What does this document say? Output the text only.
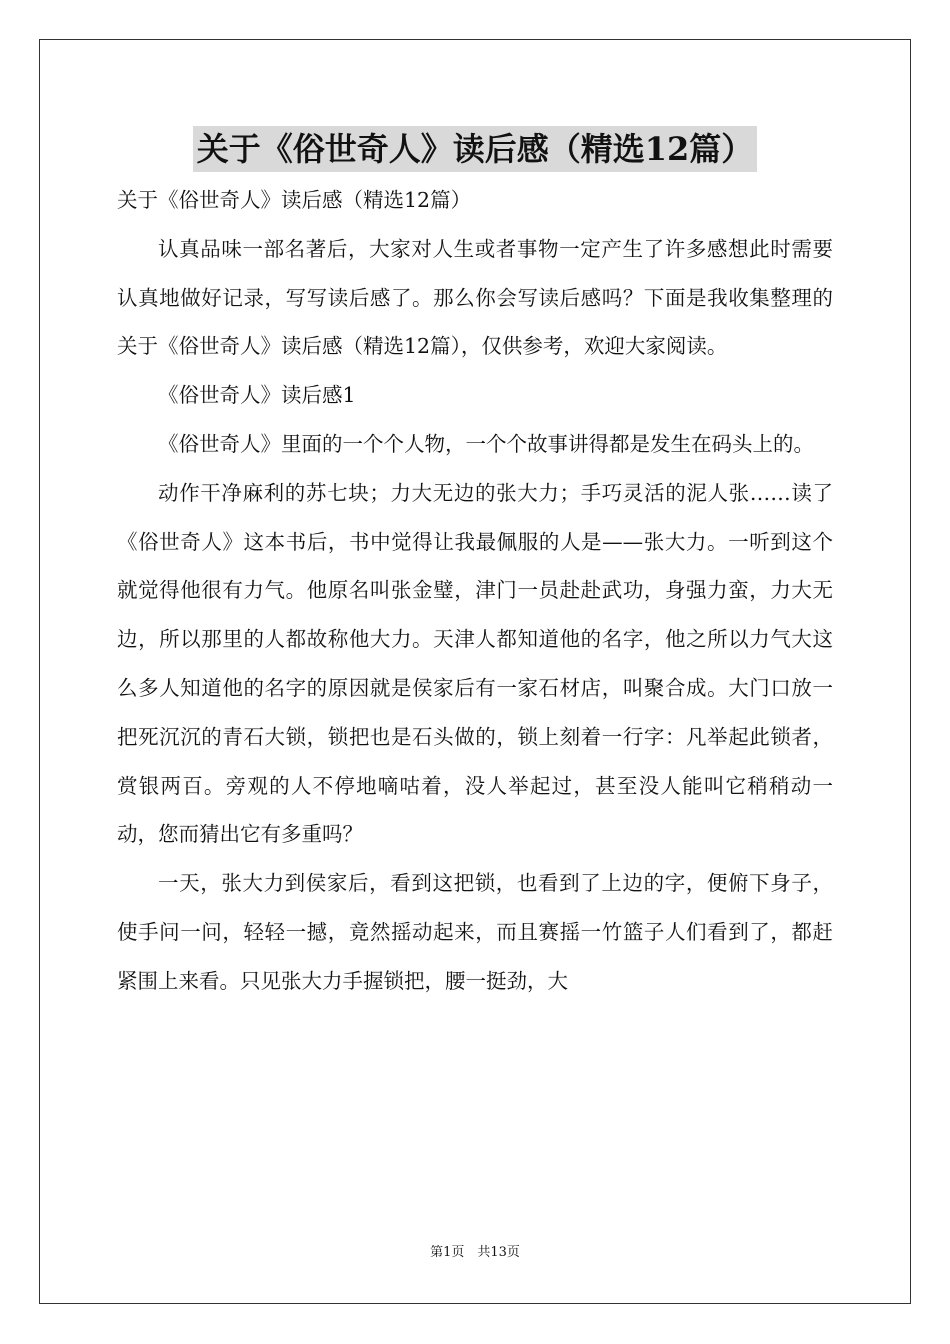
关于《俗世奇人》读后感（精选12篇）

关于《俗世奇人》读后感（精选12篇）

认真品味一部名著后，大家对人生或者事物一定产生了许多感想此时需要认真地做好记录，写写读后感了。那么你会写读后感吗？下面是我收集整理的关于《俗世奇人》读后感（精选12篇），仅供参考，欢迎大家阅读。

《俗世奇人》读后感1

《俗世奇人》里面的一个个人物，一个个故事讲得都是发生在码头上的。

动作干净麻利的苏七块；力大无边的张大力；手巧灵活的泥人张……读了《俗世奇人》这本书后，书中觉得让我最佩服的人是——张大力。一听到这个就觉得他很有力气。他原名叫张金璧，津门一员赴赴武功，身强力蛮，力大无边，所以那里的人都故称他大力。天津人都知道他的名字，他之所以力气大这么多人知道他的名字的原因就是侯家后有一家石材店，叫聚合成。大门口放一把死沉沉的青石大锁，锁把也是石头做的，锁上刻着一行字：凡举起此锁者，赏银两百。旁观的人不停地嘀咕着，没人举起过，甚至没人能叫它稍稍动一动，您而猜出它有多重吗？

一天，张大力到侯家后，看到这把锁，也看到了上边的字，便俯下身子，使手问一问，轻轻一撼，竟然摇动起来，而且赛摇一竹篮子人们看到了，都赶紧围上来看。只见张大力手握锁把，腰一挺劲，大

第1页　共13页
